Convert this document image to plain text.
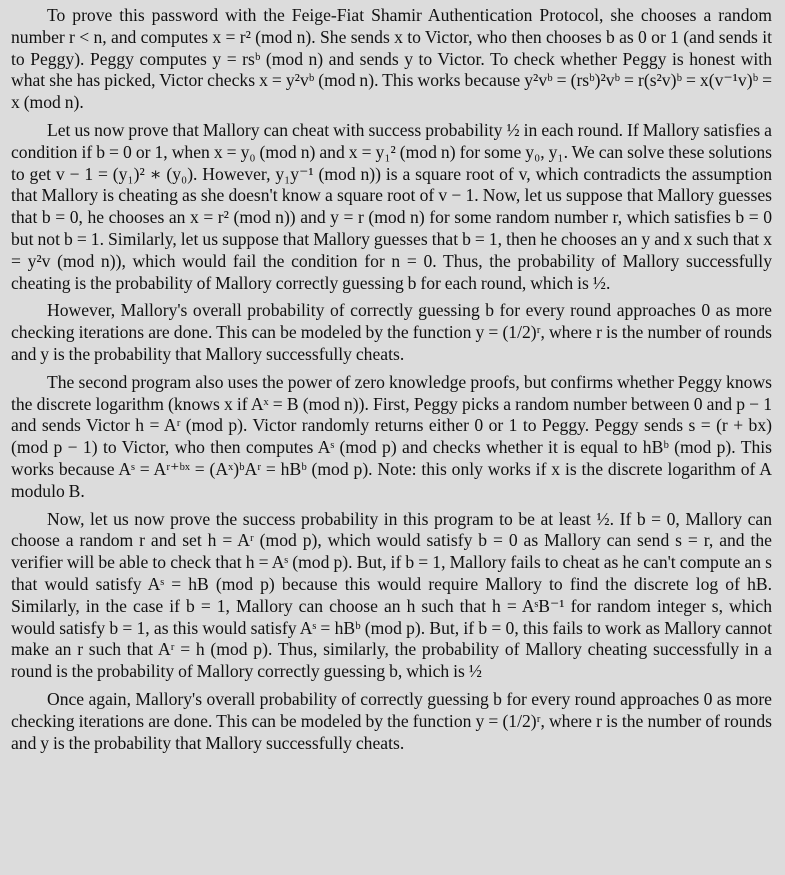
To prove this password with the Feige-Fiat Shamir Authentication Protocol, she chooses a random number r < n, and computes x = r² (mod n). She sends x to Victor, who then chooses b as 0 or 1 (and sends it to Peggy). Peggy computes y = rsᵇ (mod n) and sends y to Victor. To check whether Peggy is honest with what she has picked, Victor checks x = y²vᵇ (mod n). This works because y²vᵇ = (rsᵇ)²vᵇ = r(s²v)ᵇ = x(v⁻¹v)ᵇ = x (mod n).

Let us now prove that Mallory can cheat with success probability ½ in each round. If Mallory satisfies a condition if b = 0 or 1, when x = y₀ (mod n) and x = y₁² (mod n) for some y₀, y₁. We can solve these solutions to get v − 1 = (y₁)² ∗ (y₀). However, y₁y⁻¹ (mod n)) is a square root of v, which contradicts the assumption that Mallory is cheating as she doesn't know a square root of v − 1. Now, let us suppose that Mallory guesses that b = 0, he chooses an x = r² (mod n)) and y = r (mod n) for some random number r, which satisfies b = 0 but not b = 1. Similarly, let us suppose that Mallory guesses that b = 1, then he chooses an y and x such that x = y²v (mod n)), which would fail the condition for n = 0. Thus, the probability of Mallory successfully cheating is the probability of Mallory correctly guessing b for each round, which is ½.

However, Mallory's overall probability of correctly guessing b for every round approaches 0 as more checking iterations are done. This can be modeled by the function y = (1/2)ʳ, where r is the number of rounds and y is the probability that Mallory successfully cheats.

The second program also uses the power of zero knowledge proofs, but confirms whether Peggy knows the discrete logarithm (knows x if Aˣ = B (mod n)). First, Peggy picks a random number between 0 and p − 1 and sends Victor h = Aʳ (mod p). Victor randomly returns either 0 or 1 to Peggy. Peggy sends s = (r + bx) (mod p − 1) to Victor, who then computes Aˢ (mod p) and checks whether it is equal to hBᵇ (mod p). This works because Aˢ = Aʳ⁺ᵇˣ = (Aˣ)ᵇAʳ = hBᵇ (mod p). Note: this only works if x is the discrete logarithm of A modulo B.

Now, let us now prove the success probability in this program to be at least ½. If b = 0, Mallory can choose a random r and set h = Aʳ (mod p), which would satisfy b = 0 as Mallory can send s = r, and the verifier will be able to check that h = Aˢ (mod p). But, if b = 1, Mallory fails to cheat as he can't compute an s that would satisfy Aˢ = hB (mod p) because this would require Mallory to find the discrete log of hB. Similarly, in the case if b = 1, Mallory can choose an h such that h = AˢB⁻¹ for random integer s, which would satisfy b = 1, as this would satisfy Aˢ = hBᵇ (mod p). But, if b = 0, this fails to work as Mallory cannot make an r such that Aʳ = h (mod p). Thus, similarly, the probability of Mallory cheating successfully in a round is the probability of Mallory correctly guessing b, which is ½

Once again, Mallory's overall probability of correctly guessing b for every round approaches 0 as more checking iterations are done. This can be modeled by the function y = (1/2)ʳ, where r is the number of rounds and y is the probability that Mallory successfully cheats.
